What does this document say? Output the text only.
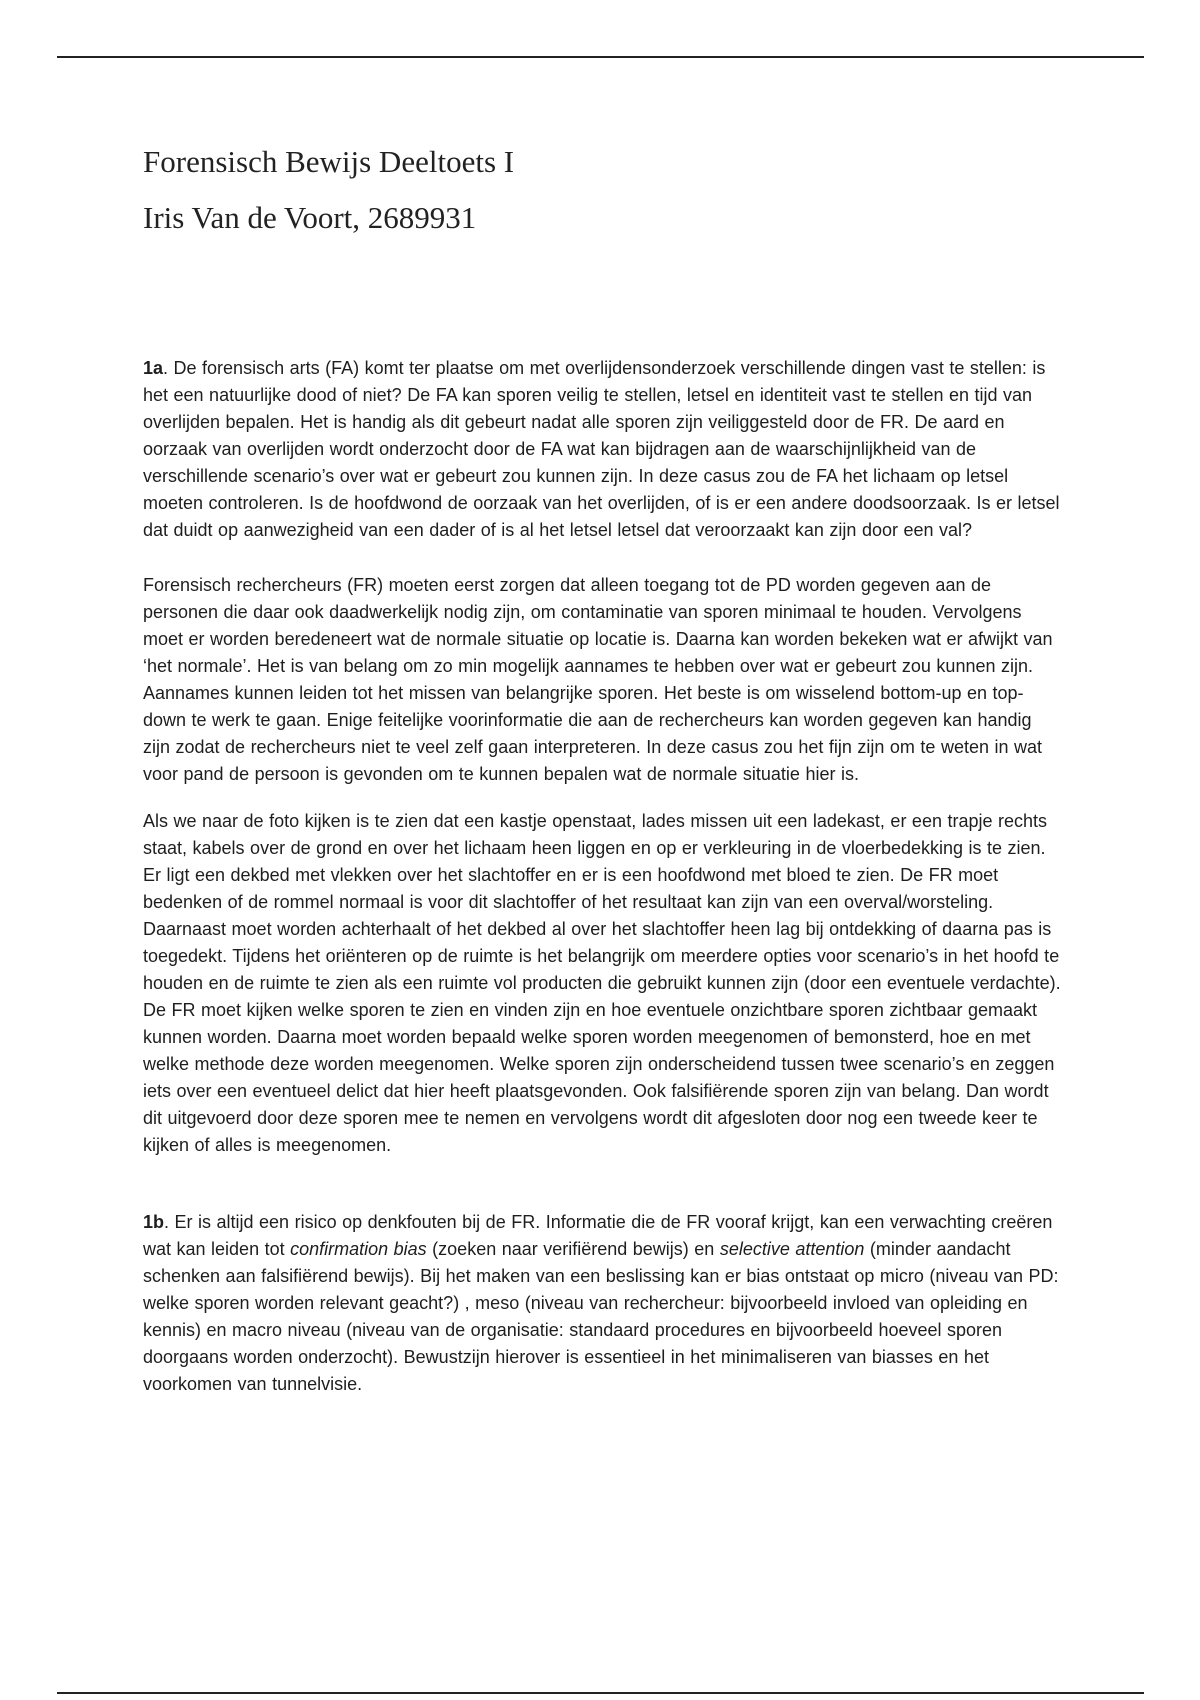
Forensisch Bewijs Deeltoets I
Iris Van de Voort, 2689931

1a. De forensisch arts (FA) komt ter plaatse om met overlijdensonderzoek verschillende dingen vast te stellen: is het een natuurlijke dood of niet? De FA kan sporen veilig te stellen, letsel en identiteit vast te stellen en tijd van overlijden bepalen. Het is handig als dit gebeurt nadat alle sporen zijn veiliggesteld door de FR. De aard en oorzaak van overlijden wordt onderzocht door de FA wat kan bijdragen aan de waarschijnlijkheid van de verschillende scenario’s over wat er gebeurt zou kunnen zijn. In deze casus zou de FA het lichaam op letsel moeten controleren. Is de hoofdwond de oorzaak van het overlijden, of is er een andere doodsoorzaak. Is er letsel dat duidt op aanwezigheid van een dader of is al het letsel letsel dat veroorzaakt kan zijn door een val?

Forensisch rechercheurs (FR) moeten eerst zorgen dat alleen toegang tot de PD worden gegeven aan de personen die daar ook daadwerkelijk nodig zijn, om contaminatie van sporen minimaal te houden. Vervolgens moet er worden beredeneert wat de normale situatie op locatie is. Daarna kan worden bekeken wat er afwijkt van ‘het normale’. Het is van belang om zo min mogelijk aannames te hebben over wat er gebeurt zou kunnen zijn. Aannames kunnen leiden tot het missen van belangrijke sporen. Het beste is om wisselend bottom-up en top-down te werk te gaan. Enige feitelijke voorinformatie die aan de rechercheurs kan worden gegeven kan handig zijn zodat de rechercheurs niet te veel zelf gaan interpreteren. In deze casus zou het fijn zijn om te weten in wat voor pand de persoon is gevonden om te kunnen bepalen wat de normale situatie hier is.

Als we naar de foto kijken is te zien dat een kastje openstaat, lades missen uit een ladekast, er een trapje rechts staat, kabels over de grond en over het lichaam heen liggen en op er verkleuring in de vloerbedekking is te zien. Er ligt een dekbed met vlekken over het slachtoffer en er is een hoofdwond met bloed te zien. De FR moet bedenken of de rommel normaal is voor dit slachtoffer of het resultaat kan zijn van een overval/worsteling. Daarnaast moet worden achterhaalt of het dekbed al over het slachtoffer heen lag bij ontdekking of daarna pas is toegedekt. Tijdens het oriënteren op de ruimte is het belangrijk om meerdere opties voor scenario’s in het hoofd te houden en de ruimte te zien als een ruimte vol producten die gebruikt kunnen zijn (door een eventuele verdachte). De FR moet kijken welke sporen te zien en vinden zijn en hoe eventuele onzichtbare sporen zichtbaar gemaakt kunnen worden. Daarna moet worden bepaald welke sporen worden meegenomen of bemonsterd, hoe en met welke methode deze worden meegenomen. Welke sporen zijn onderscheidend tussen twee scenario’s en zeggen iets over een eventueel delict dat hier heeft plaatsgevonden. Ook falsifiërende sporen zijn van belang. Dan wordt dit uitgevoerd door deze sporen mee te nemen en vervolgens wordt dit afgesloten door nog een tweede keer te kijken of alles is meegenomen.

1b. Er is altijd een risico op denkfouten bij de FR. Informatie die de FR vooraf krijgt, kan een verwachting creëren wat kan leiden tot confirmation bias (zoeken naar verifiërend bewijs) en selective attention (minder aandacht schenken aan falsifiërend bewijs). Bij het maken van een beslissing kan er bias ontstaat op micro (niveau van PD: welke sporen worden relevant geacht?) , meso (niveau van rechercheur: bijvoorbeeld invloed van opleiding en kennis) en macro niveau (niveau van de organisatie: standaard procedures en bijvoorbeeld hoeveel sporen doorgaans worden onderzocht). Bewustzijn hierover is essentieel in het minimaliseren van biasses en het voorkomen van tunnelvisie.
